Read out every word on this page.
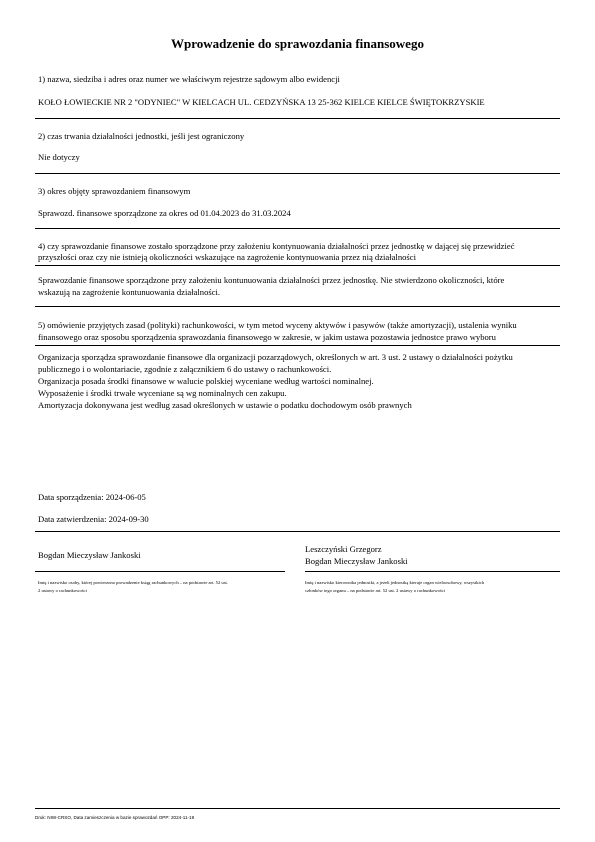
Wprowadzenie do sprawozdania finansowego
1) nazwa, siedziba i adres oraz numer we właściwym rejestrze sądowym albo ewidencji
KOŁO ŁOWIECKIE NR 2 "ODYNIEC" W KIELCACH UL. CEDZYŃSKA 13 25-362 KIELCE KIELCE ŚWIĘTOKRZYSKIE
2) czas trwania działalności jednostki, jeśli jest ograniczony
Nie dotyczy
3) okres objęty sprawozdaniem finansowym
Sprawozd. finansowe sporządzone za okres od 01.04.2023 do 31.03.2024
4) czy sprawozdanie finansowe zostało sporządzone przy założeniu kontynuowania działalności przez jednostkę w dającej się przewidzieć
przyszłości oraz czy nie istnieją okoliczności wskazujące na zagrożenie kontynuowania przez nią działalności
Sprawozdanie finansowe sporządzone przy założeniu kontunuowania działalności przez jednostkę. Nie stwierdzono okoliczności, które
wskazują na zagrożenie kontunuowania działalności.
5) omówienie przyjętych zasad (polityki) rachunkowości, w tym metod wyceny aktywów i pasywów (także amortyzacji), ustalenia wyniku
finansowego oraz sposobu sporządzenia sprawozdania finansowego w zakresie, w jakim ustawa pozostawia jednostce prawo wyboru
Organizacja sporządza sprawozdanie finansowe dla organizacji pozarządowych, określonych w art. 3 ust. 2 ustawy o działalności pożytku
publicznego i o wolontariacie, zgodnie z załącznikiem 6 do ustawy o rachunkowości.
Organizacja posada środki finansowe w walucie polskiej wyceniane według wartości nominalnej.
Wyposażenie i środki trwałe wyceniane są wg nominalnych cen zakupu.
Amortyzacja dokonywana jest według zasad określonych w ustawie o podatku dochodowym osób prawnych
Data sporządzenia: 2024-06-05
Data zatwierdzenia: 2024-09-30
Bogdan Mieczysław Jankoski
Leszczyński Grzegorz
Bogdan Mieczysław Jankoski
Imię i nazwisko osoby, której powierzono prowadzenie ksiąg rachunkowych – na podstawie art. 52 ust.
2 ustawy o rachunkowości
Imię i nazwisko kierownika jednostki, a jeżeli jednostką kieruje organ wieloosobowy, wszystkich
członków tego organu – na podstawie art. 52 ust. 2 ustawy o rachunkowości
Druk: NIW-CRSO, Data zamieszczenia w bazie sprawozdań OPP: 2024-11-19
